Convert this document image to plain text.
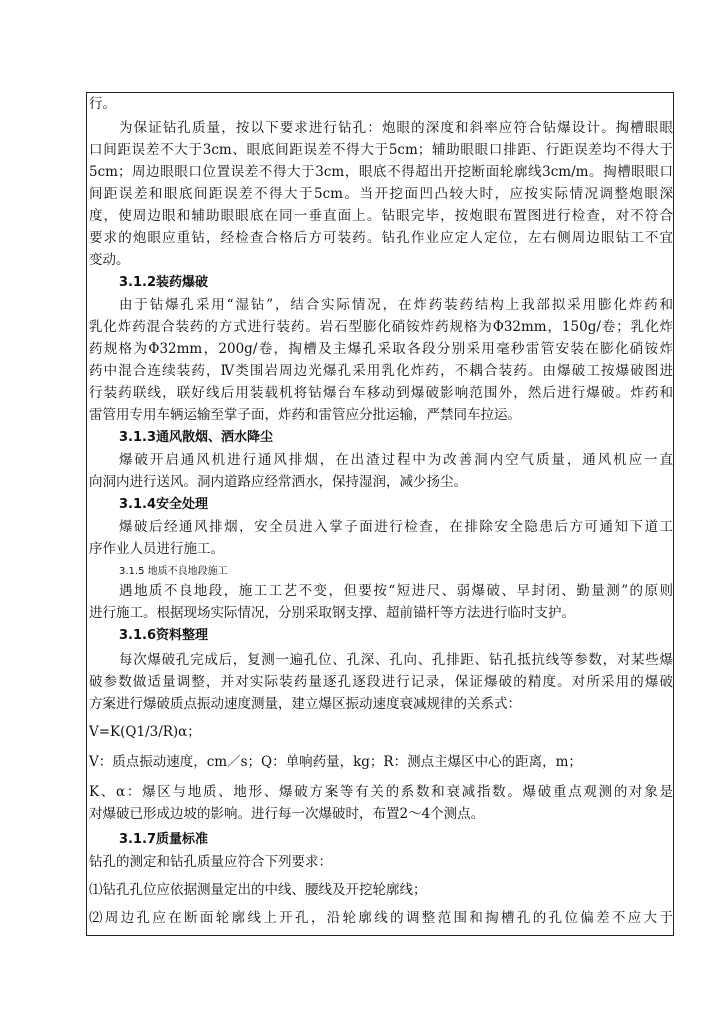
行。
为保证钻孔质量，按以下要求进行钻孔：炮眼的深度和斜率应符合钻爆设计。掏槽眼眼
口间距误差不大于3cm、眼底间距误差不得大于5cm；辅助眼眼口排距、行距误差均不得大于
5cm；周边眼眼口位置误差不得大于3cm，眼底不得超出开挖断面轮廓线3cm/m。掏槽眼眼口
间距误差和眼底间距误差不得大于5cm。当开挖面凹凸较大时，应按实际情况调整炮眼深
度，使周边眼和辅助眼眼底在同一垂直面上。钻眼完毕，按炮眼布置图进行检查，对不符合
要求的炮眼应重钻，经检查合格后方可装药。钻孔作业应定人定位，左右侧周边眼钻工不宜
变动。
3.1.2装药爆破
由于钻爆孔采用“湿钻”，结合实际情况，在炸药装药结构上我部拟采用膨化炸药和
乳化炸药混合装药的方式进行装药。岩石型膨化硝铵炸药规格为Φ32mm，150g/卷；乳化炸
药规格为Φ32mm，200g/卷，掏槽及主爆孔采取各段分别采用毫秒雷管安装在膨化硝铵炸
药中混合连续装药，Ⅳ类围岩周边光爆孔采用乳化炸药，不耦合装药。由爆破工按爆破图进
行装药联线，联好线后用装载机将钻爆台车移动到爆破影响范围外，然后进行爆破。炸药和
雷管用专用车辆运输至掌子面，炸药和雷管应分批运输，严禁同车拉运。
3.1.3通风散烟、洒水降尘
爆破开启通风机进行通风排烟，在出渣过程中为改善洞内空气质量，通风机应一直
向洞内进行送风。洞内道路应经常洒水，保持湿润，减少扬尘。
3.1.4安全处理
爆破后经通风排烟，安全员进入掌子面进行检查，在排除安全隐患后方可通知下道工
序作业人员进行施工。
3.1.5 地质不良地段施工
遇地质不良地段，施工工艺不变，但要按“短进尺、弱爆破、早封闭、勤量测”的原则
进行施工。根据现场实际情况，分别采取钢支撑、超前锚杆等方法进行临时支护。
3.1.6资料整理
每次爆破孔完成后，复测一遍孔位、孔深、孔向、孔排距、钻孔抵抗线等参数，对某些爆
破参数做适量调整，并对实际装药量逐孔逐段进行记录，保证爆破的精度。对所采用的爆破
方案进行爆破质点振动速度测量，建立爆区振动速度衰减规律的关系式：
V=K(Q1/3/R)α；
V：质点振动速度，cm／s；Q：单响药量，kg；R：测点主爆区中心的距离，m；
K、α：爆区与地质、地形、爆破方案等有关的系数和衰减指数。爆破重点观测的对象是
对爆破已形成边坡的影响。进行每一次爆破时，布置2～4个测点。
3.1.7质量标准
钻孔的测定和钻孔质量应符合下列要求：
⑴钻孔孔位应依据测量定出的中线、腰线及开挖轮廓线；
⑵周边孔应在断面轮廓线上开孔，沿轮廓线的调整范围和掏槽孔的孔位偏差不应大于
